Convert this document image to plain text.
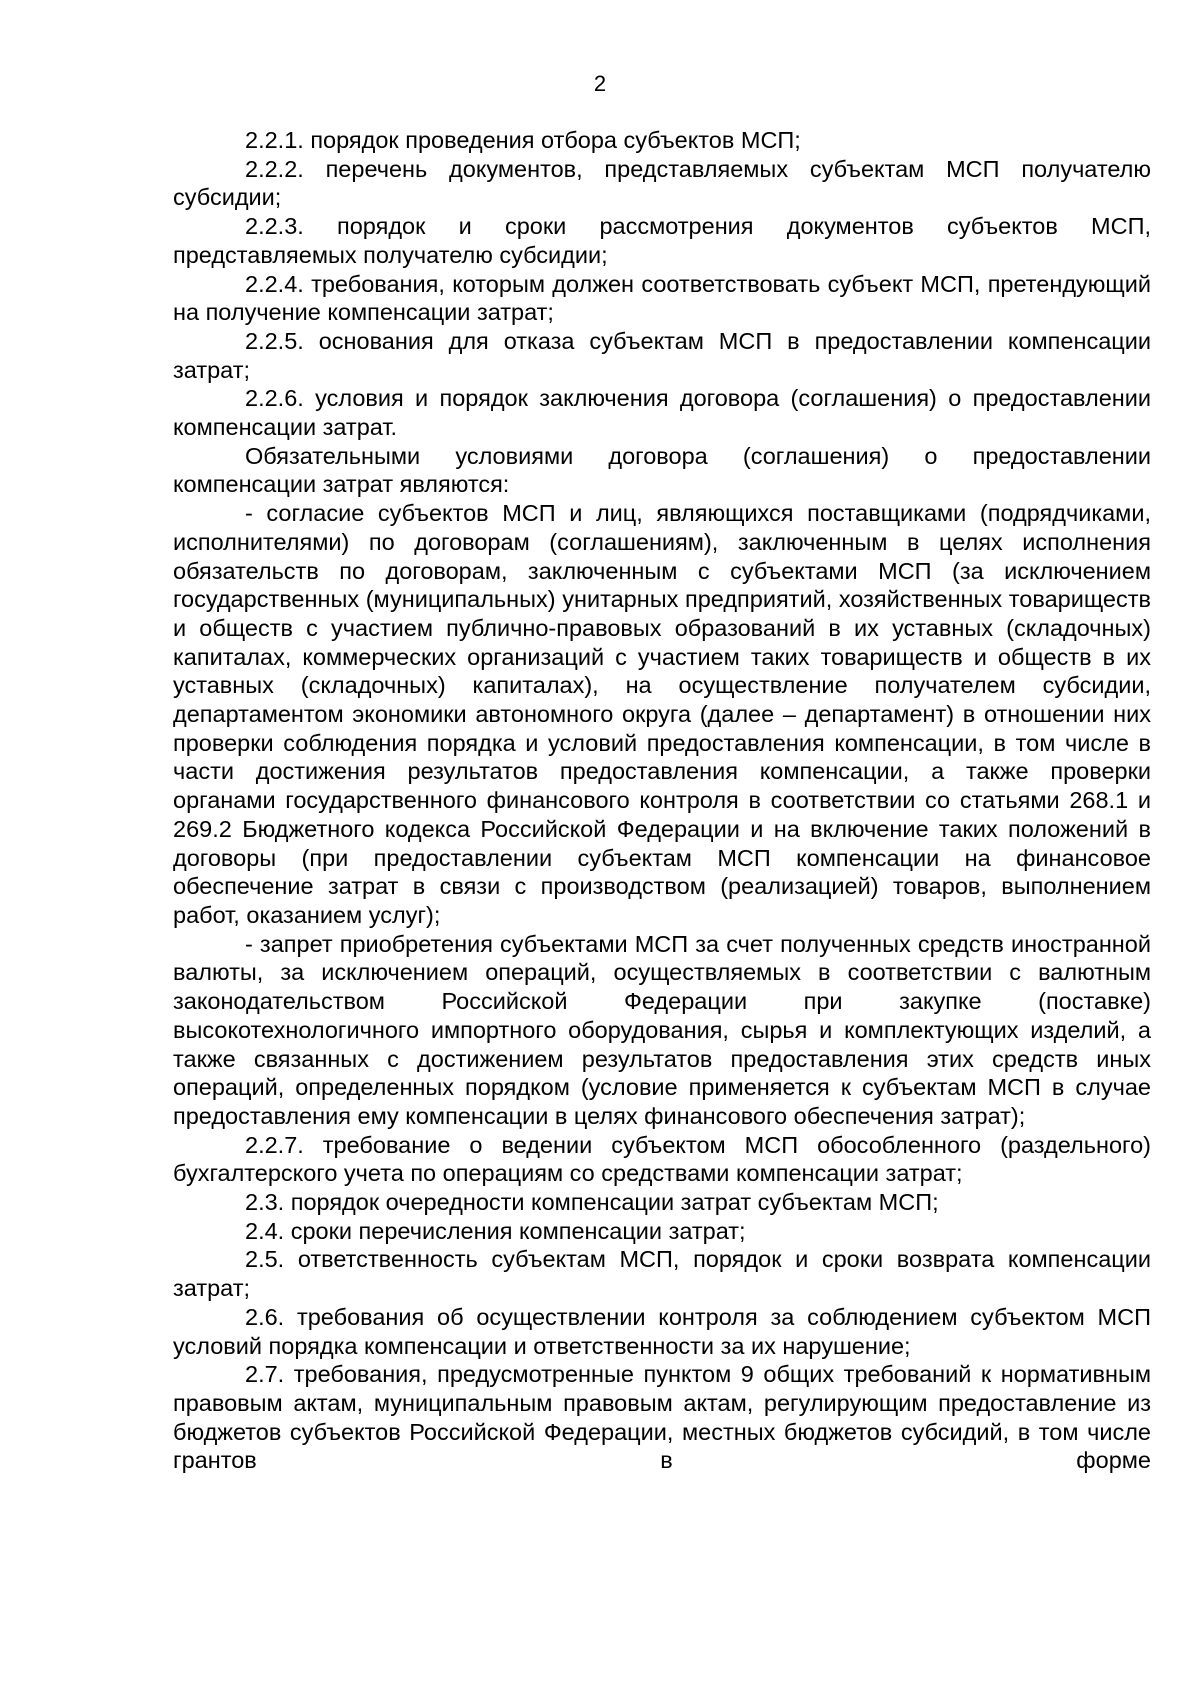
2

2.2.1. порядок проведения отбора субъектов МСП;

2.2.2. перечень документов, представляемых субъектам МСП получателю субсидии;

2.2.3. порядок и сроки рассмотрения документов субъектов МСП, представляемых получателю субсидии;

2.2.4. требования, которым должен соответствовать субъект МСП, претендующий на получение компенсации затрат;

2.2.5. основания для отказа субъектам МСП в предоставлении компенсации затрат;

2.2.6. условия и порядок заключения договора (соглашения) о предоставлении компенсации затрат.

Обязательными условиями договора (соглашения) о предоставлении компенсации затрат являются:

- согласие субъектов МСП и лиц, являющихся поставщиками (подрядчиками, исполнителями) по договорам (соглашениям), заключенным в целях исполнения обязательств по договорам, заключенным с субъектами МСП (за исключением государственных (муниципальных) унитарных предприятий, хозяйственных товариществ и обществ с участием публично-правовых образований в их уставных (складочных) капиталах, коммерческих организаций с участием таких товариществ и обществ в их уставных (складочных) капиталах), на осуществление получателем субсидии, департаментом экономики автономного округа (далее – департамент) в отношении них проверки соблюдения порядка и условий предоставления компенсации, в том числе в части достижения результатов предоставления компенсации, а также проверки органами государственного финансового контроля в соответствии со статьями 268.1 и 269.2 Бюджетного кодекса Российской Федерации и на включение таких положений в договоры (при предоставлении субъектам МСП компенсации на финансовое обеспечение затрат в связи с производством (реализацией) товаров, выполнением работ, оказанием услуг);

- запрет приобретения субъектами МСП за счет полученных средств иностранной валюты, за исключением операций, осуществляемых в соответствии с валютным законодательством Российской Федерации при закупке (поставке) высокотехнологичного импортного оборудования, сырья и комплектующих изделий, а также связанных с достижением результатов предоставления этих средств иных операций, определенных порядком (условие применяется к субъектам МСП в случае предоставления ему компенсации в целях финансового обеспечения затрат);

2.2.7. требование о ведении субъектом МСП обособленного (раздельного) бухгалтерского учета по операциям со средствами компенсации затрат;

2.3. порядок очередности компенсации затрат субъектам МСП;

2.4. сроки перечисления компенсации затрат;

2.5. ответственность субъектам МСП, порядок и сроки возврата компенсации затрат;

2.6. требования об осуществлении контроля за соблюдением субъектом МСП условий порядка компенсации и ответственности за их нарушение;

2.7. требования, предусмотренные пунктом 9 общих требований к нормативным правовым актам, муниципальным правовым актам, регулирующим предоставление из бюджетов субъектов Российской Федерации, местных бюджетов субсидий, в том числе грантов в форме
